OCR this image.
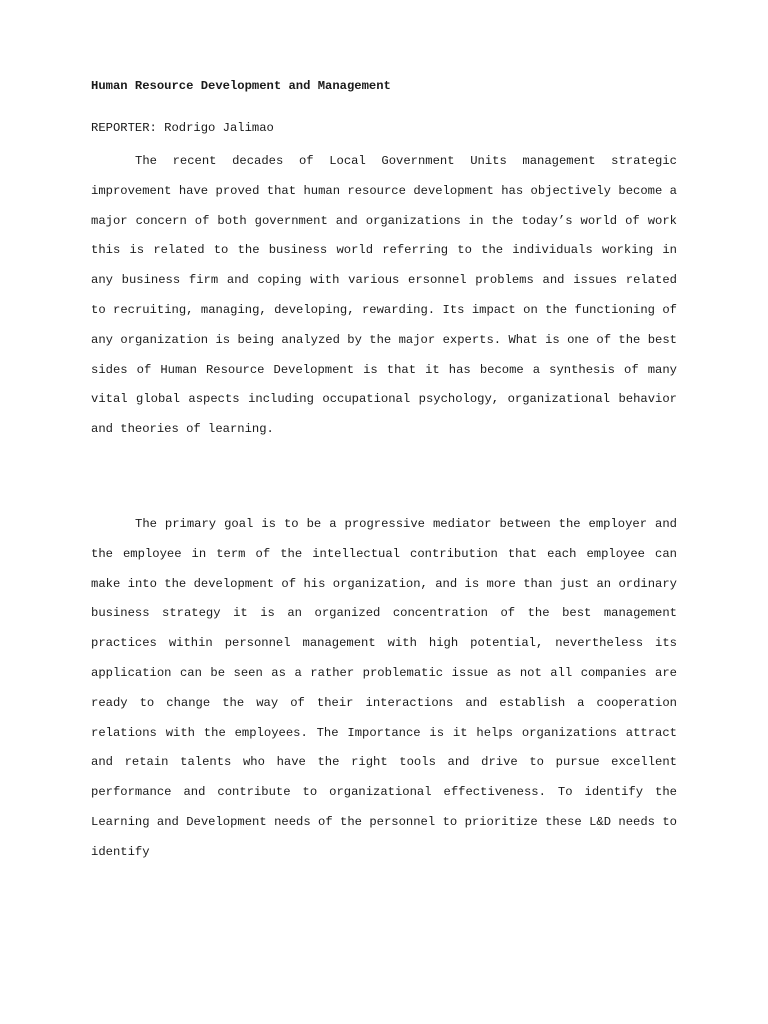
Human Resource Development and Management
REPORTER: Rodrigo Jalimao

The recent decades of Local Government Units management strategic improvement have proved that human resource development has objectively become a major concern of both government and organizations in the today’s world of work this is related to the business world referring to the individuals working in any business firm and coping with various ersonnel problems and issues related to recruiting, managing, developing, rewarding. Its impact on the functioning of any organization is being analyzed by the major experts. What is one of the best sides of Human Resource Development is that it has become a synthesis of many vital global aspects including occupational psychology, organizational behavior and theories of learning.

The primary goal is to be a progressive mediator between the employer and the employee in term of the intellectual contribution that each employee can make into the development of his organization, and is more than just an ordinary business strategy it is an organized concentration of the best management practices within personnel management with high potential, nevertheless its application can be seen as a rather problematic issue as not all companies are ready to change the way of their interactions and establish a cooperation relations with the employees. The Importance is it helps organizations attract and retain talents who have the right tools and drive to pursue excellent performance and contribute to organizational effectiveness. To identify the Learning and Development needs of the personnel to prioritize these L&D needs to identify
